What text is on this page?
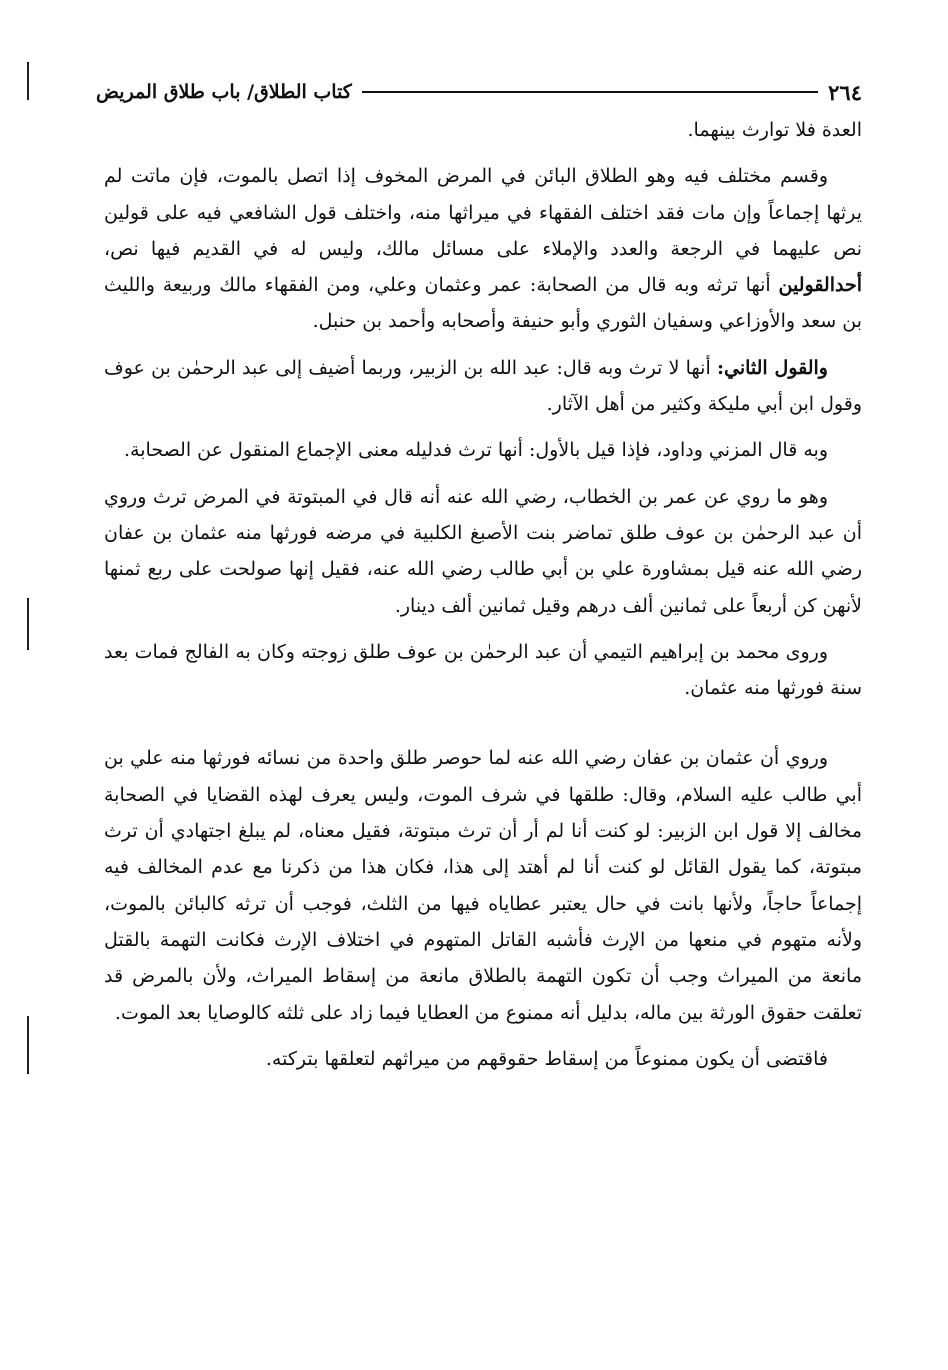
٢٦٤
كتاب الطلاق/ باب طلاق المريض

العدة فلا توارث بينهما.

وقسم مختلف فيه وهو الطلاق البائن في المرض المخوف إذا اتصل بالموت، فإن ماتت لم يرثها إجماعاً وإن مات فقد اختلف الفقهاء في ميراثها منه، واختلف قول الشافعي فيه على قولين نص عليهما في الرجعة والعدد والإملاء على مسائل مالك، وليس له في القديم فيها نص، أحدالقولين أنها ترثه وبه قال من الصحابة: عمر وعثمان وعلي، ومن الفقهاء مالك وربيعة والليث بن سعد والأوزاعي وسفيان الثوري وأبو حنيفة وأصحابه وأحمد بن حنبل.

والقول الثاني: أنها لا ترث وبه قال: عبد الله بن الزبير، وربما أضيف إلى عبد الرحمٰن بن عوف وقول ابن أبي مليكة وكثير من أهل الآثار.

وبه قال المزني وداود، فإذا قيل بالأول: أنها ترث فدليله معنى الإجماع المنقول عن الصحابة.

وهو ما روي عن عمر بن الخطاب، رضي الله عنه أنه قال في المبتوتة في المرض ترث وروي أن عبد الرحمٰن بن عوف طلق تماضر بنت الأصبغ الكلبية في مرضه فورثها منه عثمان بن عفان رضي الله عنه قيل بمشاورة علي بن أبي طالب رضي الله عنه، فقيل إنها صولحت على ربع ثمنها لأنهن كن أربعاً على ثمانين ألف درهم وقيل ثمانين ألف دينار.

وروى محمد بن إبراهيم التيمي أن عبد الرحمٰن بن عوف طلق زوجته وكان به الفالج فمات بعد سنة فورثها منه عثمان.

وروي أن عثمان بن عفان رضي الله عنه لما حوصر طلق واحدة من نسائه فورثها منه علي بن أبي طالب عليه السلام، وقال: طلقها في شرف الموت، وليس يعرف لهذه القضايا في الصحابة مخالف إلا قول ابن الزبير: لو كنت أنا لم أر أن ترث مبتوتة، فقيل معناه، لم يبلغ اجتهادي أن ترث مبتوتة، كما يقول القائل لو كنت أنا لم أهتد إلى هذا، فكان هذا من ذكرنا مع عدم المخالف فيه إجماعاً حاجاً، ولأنها بانت في حال يعتبر عطاياه فيها من الثلث، فوجب أن ترثه كالبائن بالموت، ولأنه متهوم في منعها من الإرث فأشبه القاتل المتهوم في اختلاف الإرث فكانت التهمة بالقتل مانعة من الميراث وجب أن تكون التهمة بالطلاق مانعة من إسقاط الميراث، ولأن بالمرض قد تعلقت حقوق الورثة بين ماله، بدليل أنه ممنوع من العطايا فيما زاد على ثلثه كالوصايا بعد الموت.

فاقتضى أن يكون ممنوعاً من إسقاط حقوقهم من ميراثهم لتعلقها بتركته.
